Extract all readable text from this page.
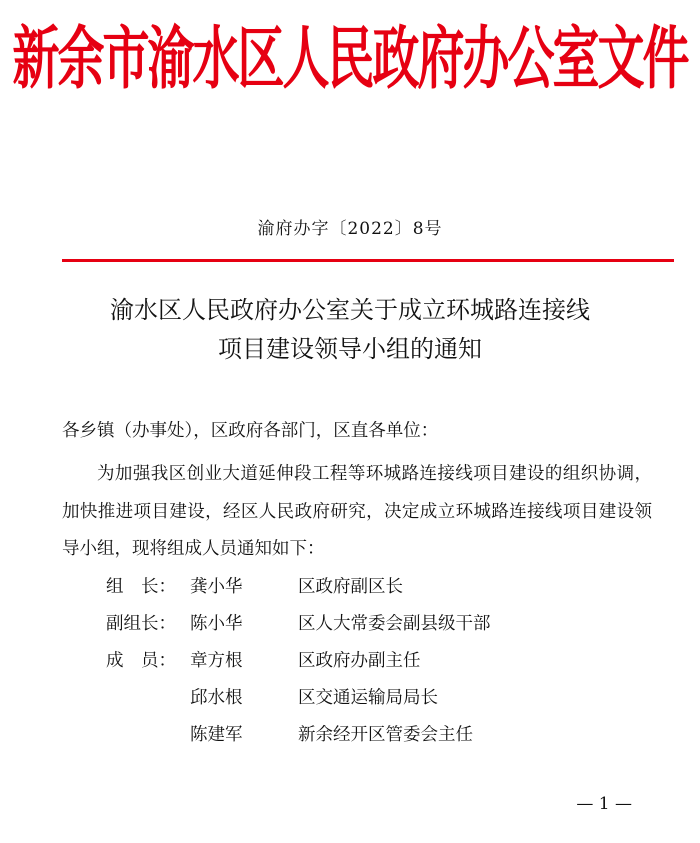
新余市渝水区人民政府办公室文件
渝府办字〔2022〕8号
渝水区人民政府办公室关于成立环城路连接线
项目建设领导小组的通知
各乡镇（办事处），区政府各部门，区直各单位：
为加强我区创业大道延伸段工程等环城路连接线项目建设的组织协调，加快推进项目建设，经区人民政府研究，决定成立环城路连接线项目建设领导小组，现将组成人员通知如下：
组　长： 龚小华	区政府副区长
副组长： 陈小华	区人大常委会副县级干部
成　员： 章方根	区政府办副主任
邱水根	区交通运输局局长
陈建军	新余经开区管委会主任
— 1 —
